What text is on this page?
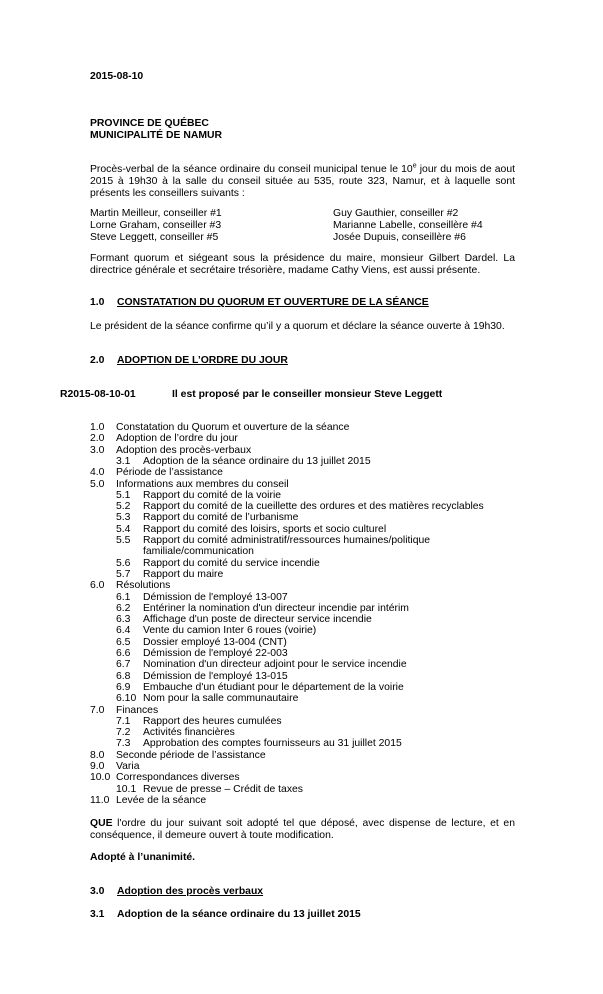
2015-08-10
PROVINCE DE QUÉBEC
MUNICIPALITÉ DE NAMUR
Procès-verbal de la séance ordinaire du conseil municipal tenue le 10e jour du mois de aout 2015 à 19h30 à la salle du conseil située au 535, route 323, Namur, et à laquelle sont présents les conseillers suivants :
Martin Meilleur, conseiller #1
Lorne Graham, conseiller #3
Steve Leggett, conseiller #5
Guy Gauthier, conseiller #2
Marianne Labelle, conseillère #4
Josée Dupuis, conseillère #6
Formant quorum et siégeant sous la présidence du maire, monsieur Gilbert Dardel. La directrice générale et secrétaire trésorière, madame Cathy Viens, est aussi présente.
1.0 CONSTATATION DU QUORUM ET OUVERTURE DE LA SÉANCE
Le président de la séance confirme qu’il y a quorum et déclare la séance ouverte à 19h30.
2.0 ADOPTION DE L’ORDRE DU JOUR
R2015-08-10-01	Il est proposé par le conseiller monsieur Steve Leggett
1.0 Constatation du Quorum et ouverture de la séance
2.0 Adoption de l’ordre du jour
3.0 Adoption des procès-verbaux
3.1 Adoption de la séance ordinaire du 13 juillet 2015
4.0 Période de l’assistance
5.0 Informations aux membres du conseil
5.1 Rapport du comité de la voirie
5.2 Rapport du comité de la cueillette des ordures et des matières recyclables
5.3 Rapport du comité de l’urbanisme
5.4 Rapport du comité des loisirs, sports et socio culturel
5.5 Rapport du comité administratif/ressources humaines/politique
familiale/communication
5.6 Rapport du comité du service incendie
5.7 Rapport du maire
6.0 Résolutions
6.1 Démission de l'employé 13-007
6.2 Entériner la nomination d'un directeur incendie par intérim
6.3 Affichage d'un poste de directeur service incendie
6.4 Vente du camion Inter 6 roues (voirie)
6.5 Dossier employé 13-004 (CNT)
6.6 Démission de l'employé 22-003
6.7 Nomination d'un directeur adjoint pour le service incendie
6.8 Démission de l'employé 13-015
6.9 Embauche d'un étudiant pour le département de la voirie
6.10 Nom pour la salle communautaire
7.0 Finances
7.1 Rapport des heures cumulées
7.2 Activités financières
7.3 Approbation des comptes fournisseurs au 31 juillet 2015
8.0 Seconde période de l’assistance
9.0 Varia
10.0 Correspondances diverses
10.1 Revue de presse – Crédit de taxes
11.0 Levée de la séance
QUE l'ordre du jour suivant soit adopté tel que déposé, avec dispense de lecture, et en conséquence, il demeure ouvert à toute modification.
Adopté à l’unanimité.
3.0 Adoption des procès verbaux
3.1 Adoption de la séance ordinaire du 13 juillet 2015
